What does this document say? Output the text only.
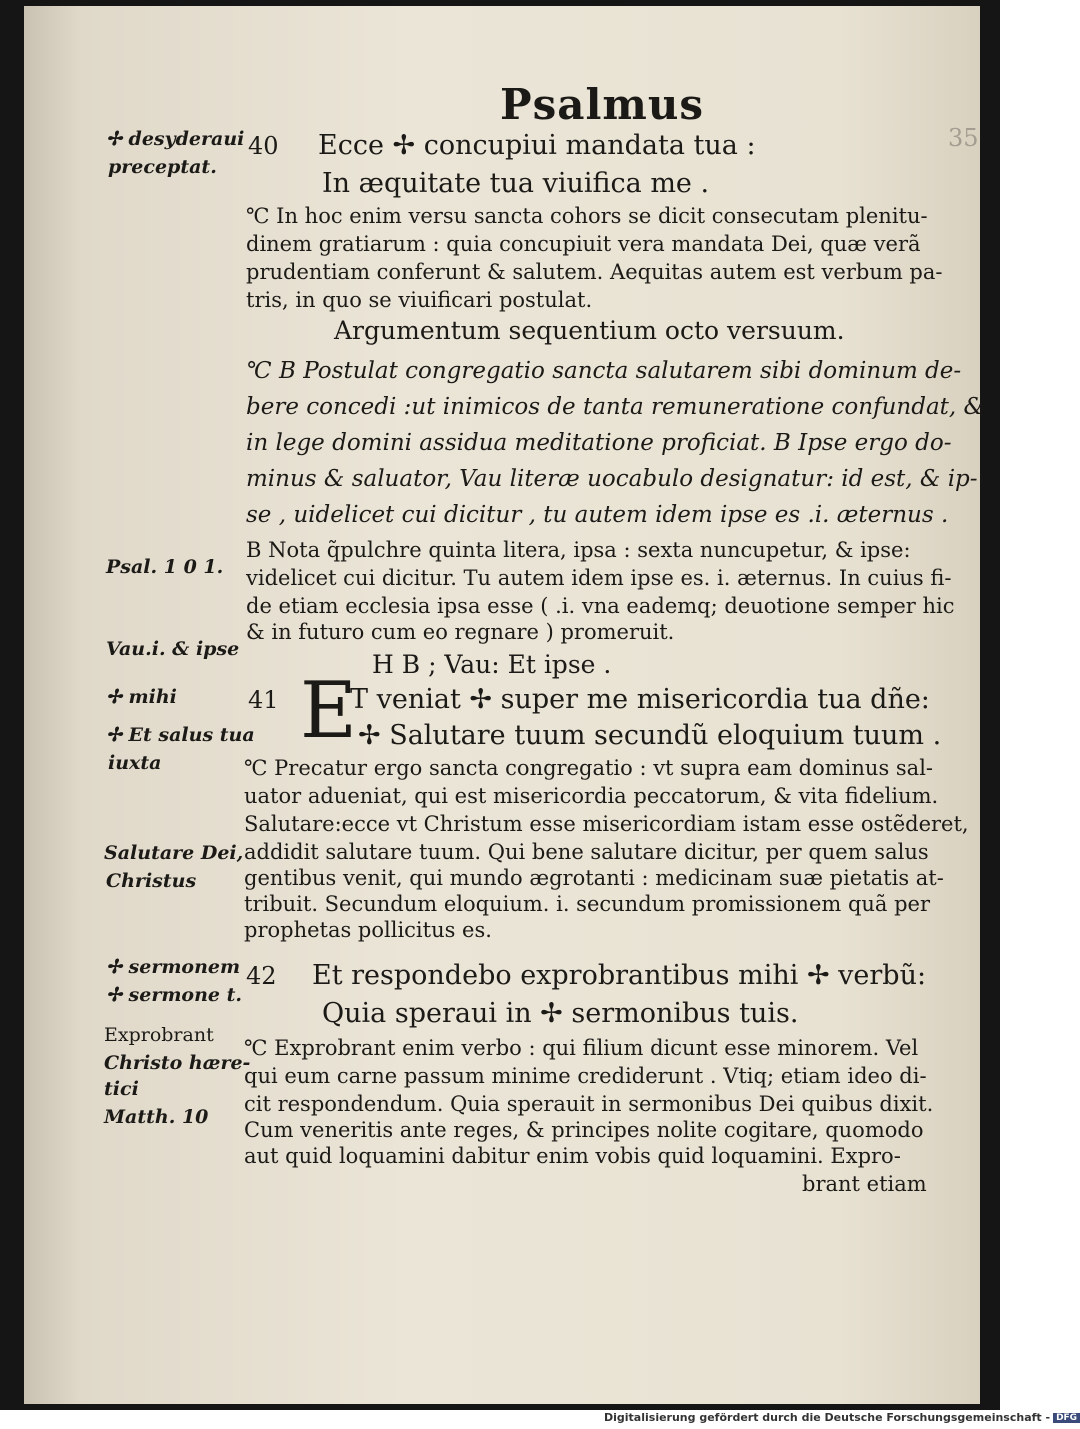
35
Psalmus
✢ desyderaui
preceptat.
Psal. 1 0 1.
Vau.i. & ipse
✢ mihi
✢ Et salus tua
iuxta
Salutare Dei,
Christus
✢ sermonem
✢ sermone t.
Exprobrant
Christo hære-
tici
Matth. 10
40 Ecce ✢ concupiui mandata tua :
In æquitate tua viuifica me .
℃ In hoc enim versu sancta cohors se dicit consecutam plenitu-
dinem gratiarum : quia concupiuit vera mandata Dei, quæ verã
prudentiam conferunt & salutem. Aequitas autem est verbum pa-
tris, in quo se viuificari postulat.
Argumentum sequentium octo versuum.
℃ B Postulat congregatio sancta salutarem sibi dominum de-
bere concedi :ut inimicos de tanta remuneratione confundat, &
in lege domini assidua meditatione proficiat. B Ipse ergo do-
minus & saluator, Vau literæ uocabulo designatur: id est, & ip-
se , uidelicet cui dicitur , tu autem idem ipse es .i. æternus .
B Nota q̃pulchre quinta litera, ipsa : sexta nuncupetur, & ipse:
videlicet cui dicitur. Tu autem idem ipse es. i. æternus. In cuius fi-
de etiam ecclesia ipsa esse ( .i. vna eademq; deuotione semper hic
& in futuro cum eo regnare ) promeruit.
H B ; Vau: Et ipse .
41 E
T veniat ✢ super me misericordia tua dñe:
✢ Salutare tuum secundũ eloquium tuum .
℃ Precatur ergo sancta congregatio : vt supra eam dominus sal-
uator adueniat, qui est misericordia peccatorum, & vita fidelium.
Salutare:ecce vt Christum esse misericordiam istam esse ostẽderet,
addidit salutare tuum. Qui bene salutare dicitur, per quem salus
gentibus venit, qui mundo ægrotanti : medicinam suæ pietatis at-
tribuit. Secundum eloquium. i. secundum promissionem quã per
prophetas pollicitus es.
42 Et respondebo exprobrantibus mihi ✢ verbũ:
Quia speraui in ✢ sermonibus tuis.
℃ Exprobrant enim verbo : qui filium dicunt esse minorem. Vel
qui eum carne passum minime crediderunt . Vtiq; etiam ideo di-
cit respondendum. Quia sperauit in sermonibus Dei quibus dixit.
Cum veneritis ante reges, & principes nolite cogitare, quomodo
aut quid loquamini dabitur enim vobis quid loquamini. Expro-
brant etiam
Digitalisierung gefördert durch die Deutsche Forschungsgemeinschaft - DFG
